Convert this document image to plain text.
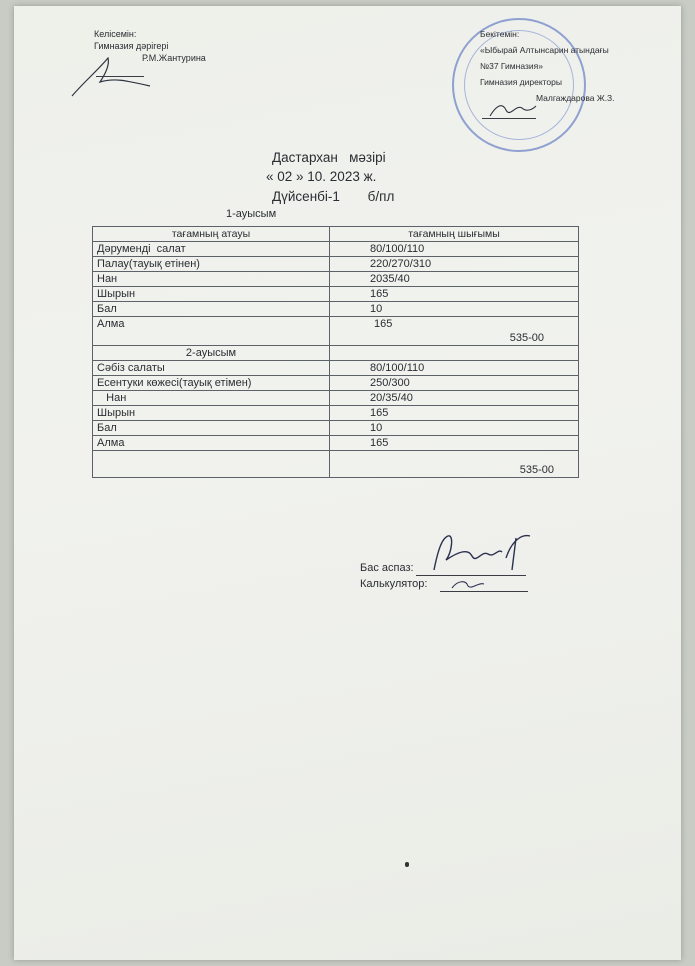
Келісемін:
Гимназия дәрігері
Р.М.Жантурина
Бекітемін:
«Ыбырай Алтынсарин атындағы
№37 Гимназия»
Гимназия директоры
Малгаждарова Ж.З.
Дастархан   мәзірі
« 02 » 10. 2023 ж.
Дүйсенбі-1 б/пл
1-ауысым
тағамның атауы	тағамның шығымы
Дәруменді  салат	80/100/110
Палау(тауық етінен)	220/270/310
Нан	2035/40
Шырын	165
Бал	10
Алма	165
535-00

2-ауысым	
Сәбіз салаты	80/100/110
Есентуки көжесі(тауық етімен)	250/300
Нан	20/35/40
Шырын	165
Бал	10
Алма	165
	535-00
Бас аспаз:
Калькулятор:
